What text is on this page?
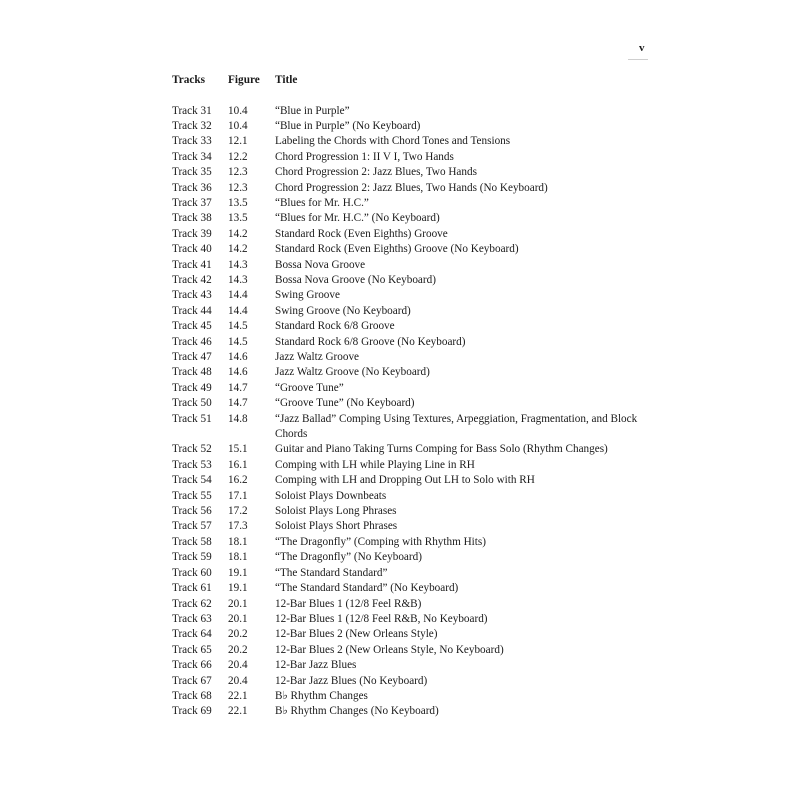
v
Tracks Figure Title
Track 31	10.4	“Blue in Purple”
Track 32	10.4	“Blue in Purple” (No Keyboard)
Track 33	12.1	Labeling the Chords with Chord Tones and Tensions
Track 34	12.2	Chord Progression 1: II V I, Two Hands
Track 35	12.3	Chord Progression 2: Jazz Blues, Two Hands
Track 36	12.3	Chord Progression 2: Jazz Blues, Two Hands (No Keyboard)
Track 37	13.5	“Blues for Mr. H.C.”
Track 38	13.5	“Blues for Mr. H.C.” (No Keyboard)
Track 39	14.2	Standard Rock (Even Eighths) Groove
Track 40	14.2	Standard Rock (Even Eighths) Groove (No Keyboard)
Track 41	14.3	Bossa Nova Groove
Track 42	14.3	Bossa Nova Groove (No Keyboard)
Track 43	14.4	Swing Groove
Track 44	14.4	Swing Groove (No Keyboard)
Track 45	14.5	Standard Rock 6/8 Groove
Track 46	14.5	Standard Rock 6/8 Groove (No Keyboard)
Track 47	14.6	Jazz Waltz Groove
Track 48	14.6	Jazz Waltz Groove (No Keyboard)
Track 49	14.7	“Groove Tune”
Track 50	14.7	“Groove Tune” (No Keyboard)
Track 51	14.8	“Jazz Ballad” Comping Using Textures, Arpeggiation, Fragmentation, and Block Chords
Track 52	15.1	Guitar and Piano Taking Turns Comping for Bass Solo (Rhythm Changes)
Track 53	16.1	Comping with LH while Playing Line in RH
Track 54	16.2	Comping with LH and Dropping Out LH to Solo with RH
Track 55	17.1	Soloist Plays Downbeats
Track 56	17.2	Soloist Plays Long Phrases
Track 57	17.3	Soloist Plays Short Phrases
Track 58	18.1	“The Dragonfly” (Comping with Rhythm Hits)
Track 59	18.1	“The Dragonfly” (No Keyboard)
Track 60	19.1	“The Standard Standard”
Track 61	19.1	“The Standard Standard” (No Keyboard)
Track 62	20.1	12-Bar Blues 1 (12/8 Feel R&B)
Track 63	20.1	12-Bar Blues 1 (12/8 Feel R&B, No Keyboard)
Track 64	20.2	12-Bar Blues 2 (New Orleans Style)
Track 65	20.2	12-Bar Blues 2 (New Orleans Style, No Keyboard)
Track 66	20.4	12-Bar Jazz Blues
Track 67	20.4	12-Bar Jazz Blues (No Keyboard)
Track 68	22.1	B♭ Rhythm Changes
Track 69	22.1	B♭ Rhythm Changes (No Keyboard)
